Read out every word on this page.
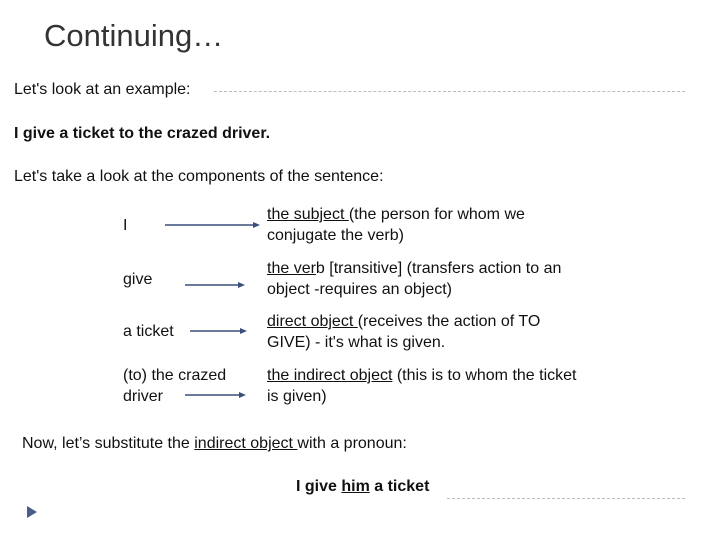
Continuing…
Let's look at an example:
I give a ticket to the crazed driver.
Let's take a look at the components of the sentence:
I
the subject (the person for whom we conjugate the verb)
give
the verb [transitive] (transfers action to an object -requires an object)
a ticket
direct object (receives the action of TO GIVE) - it's what is given.
(to) the crazed driver
the indirect object (this is to whom the ticket is given)
Now, let’s substitute the indirect object with a pronoun:
I give him a ticket
